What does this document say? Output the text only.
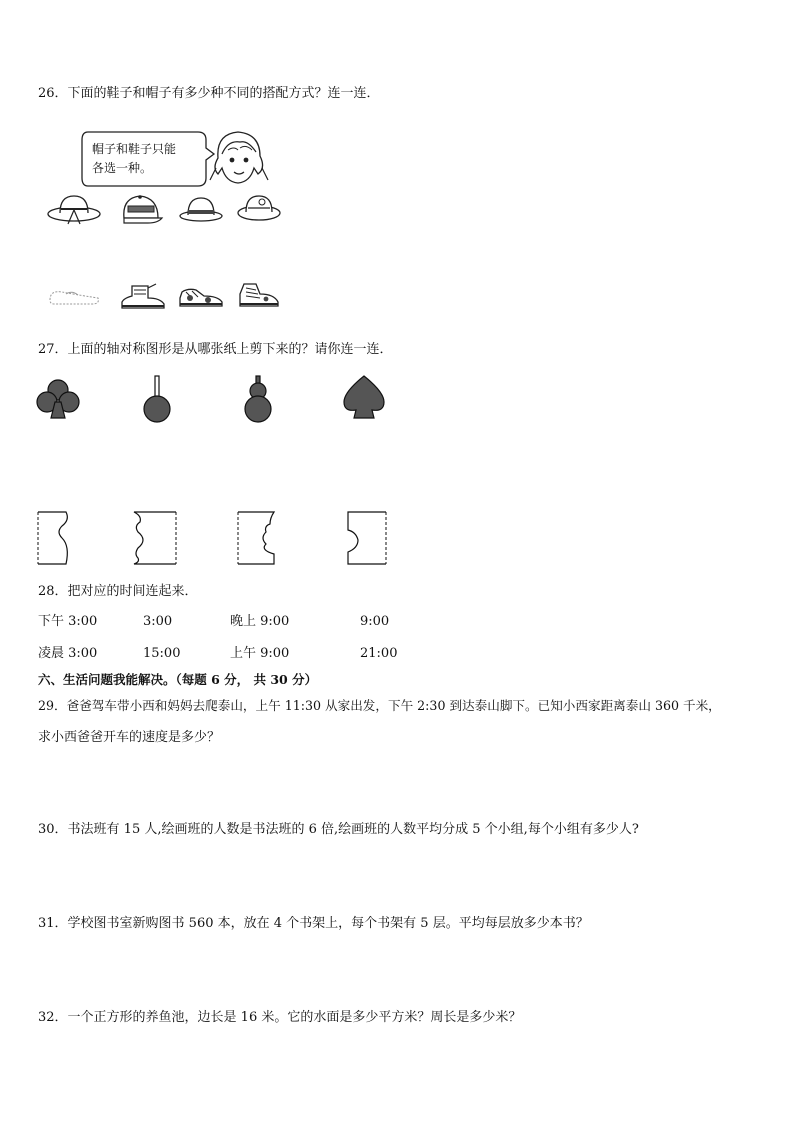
26．下面的鞋子和帽子有多少种不同的搭配方式？连一连．
帽子和鞋子只能
各选一种。
27．上面的轴对称图形是从哪张纸上剪下来的？请你连一连．
28．把对应的时间连起来．
下午 3:00	3:00	晚上 9:00	9:00
凌晨 3:00	15:00	上午 9:00	21:00
六、生活问题我能解决。（每题 6 分， 共 30 分）
29．爸爸驾车带小西和妈妈去爬泰山，上午 11:30 从家出发，下午 2:30 到达泰山脚下。已知小西家距离泰山 360 千米，
求小西爸爸开车的速度是多少？
30．书法班有 15 人,绘画班的人数是书法班的 6 倍,绘画班的人数平均分成 5 个小组,每个小组有多少人?
31．学校图书室新购图书 560 本，放在 4 个书架上，每个书架有 5 层。平均每层放多少本书？
32．一个正方形的养鱼池，边长是 16 米。它的水面是多少平方米？周长是多少米？
